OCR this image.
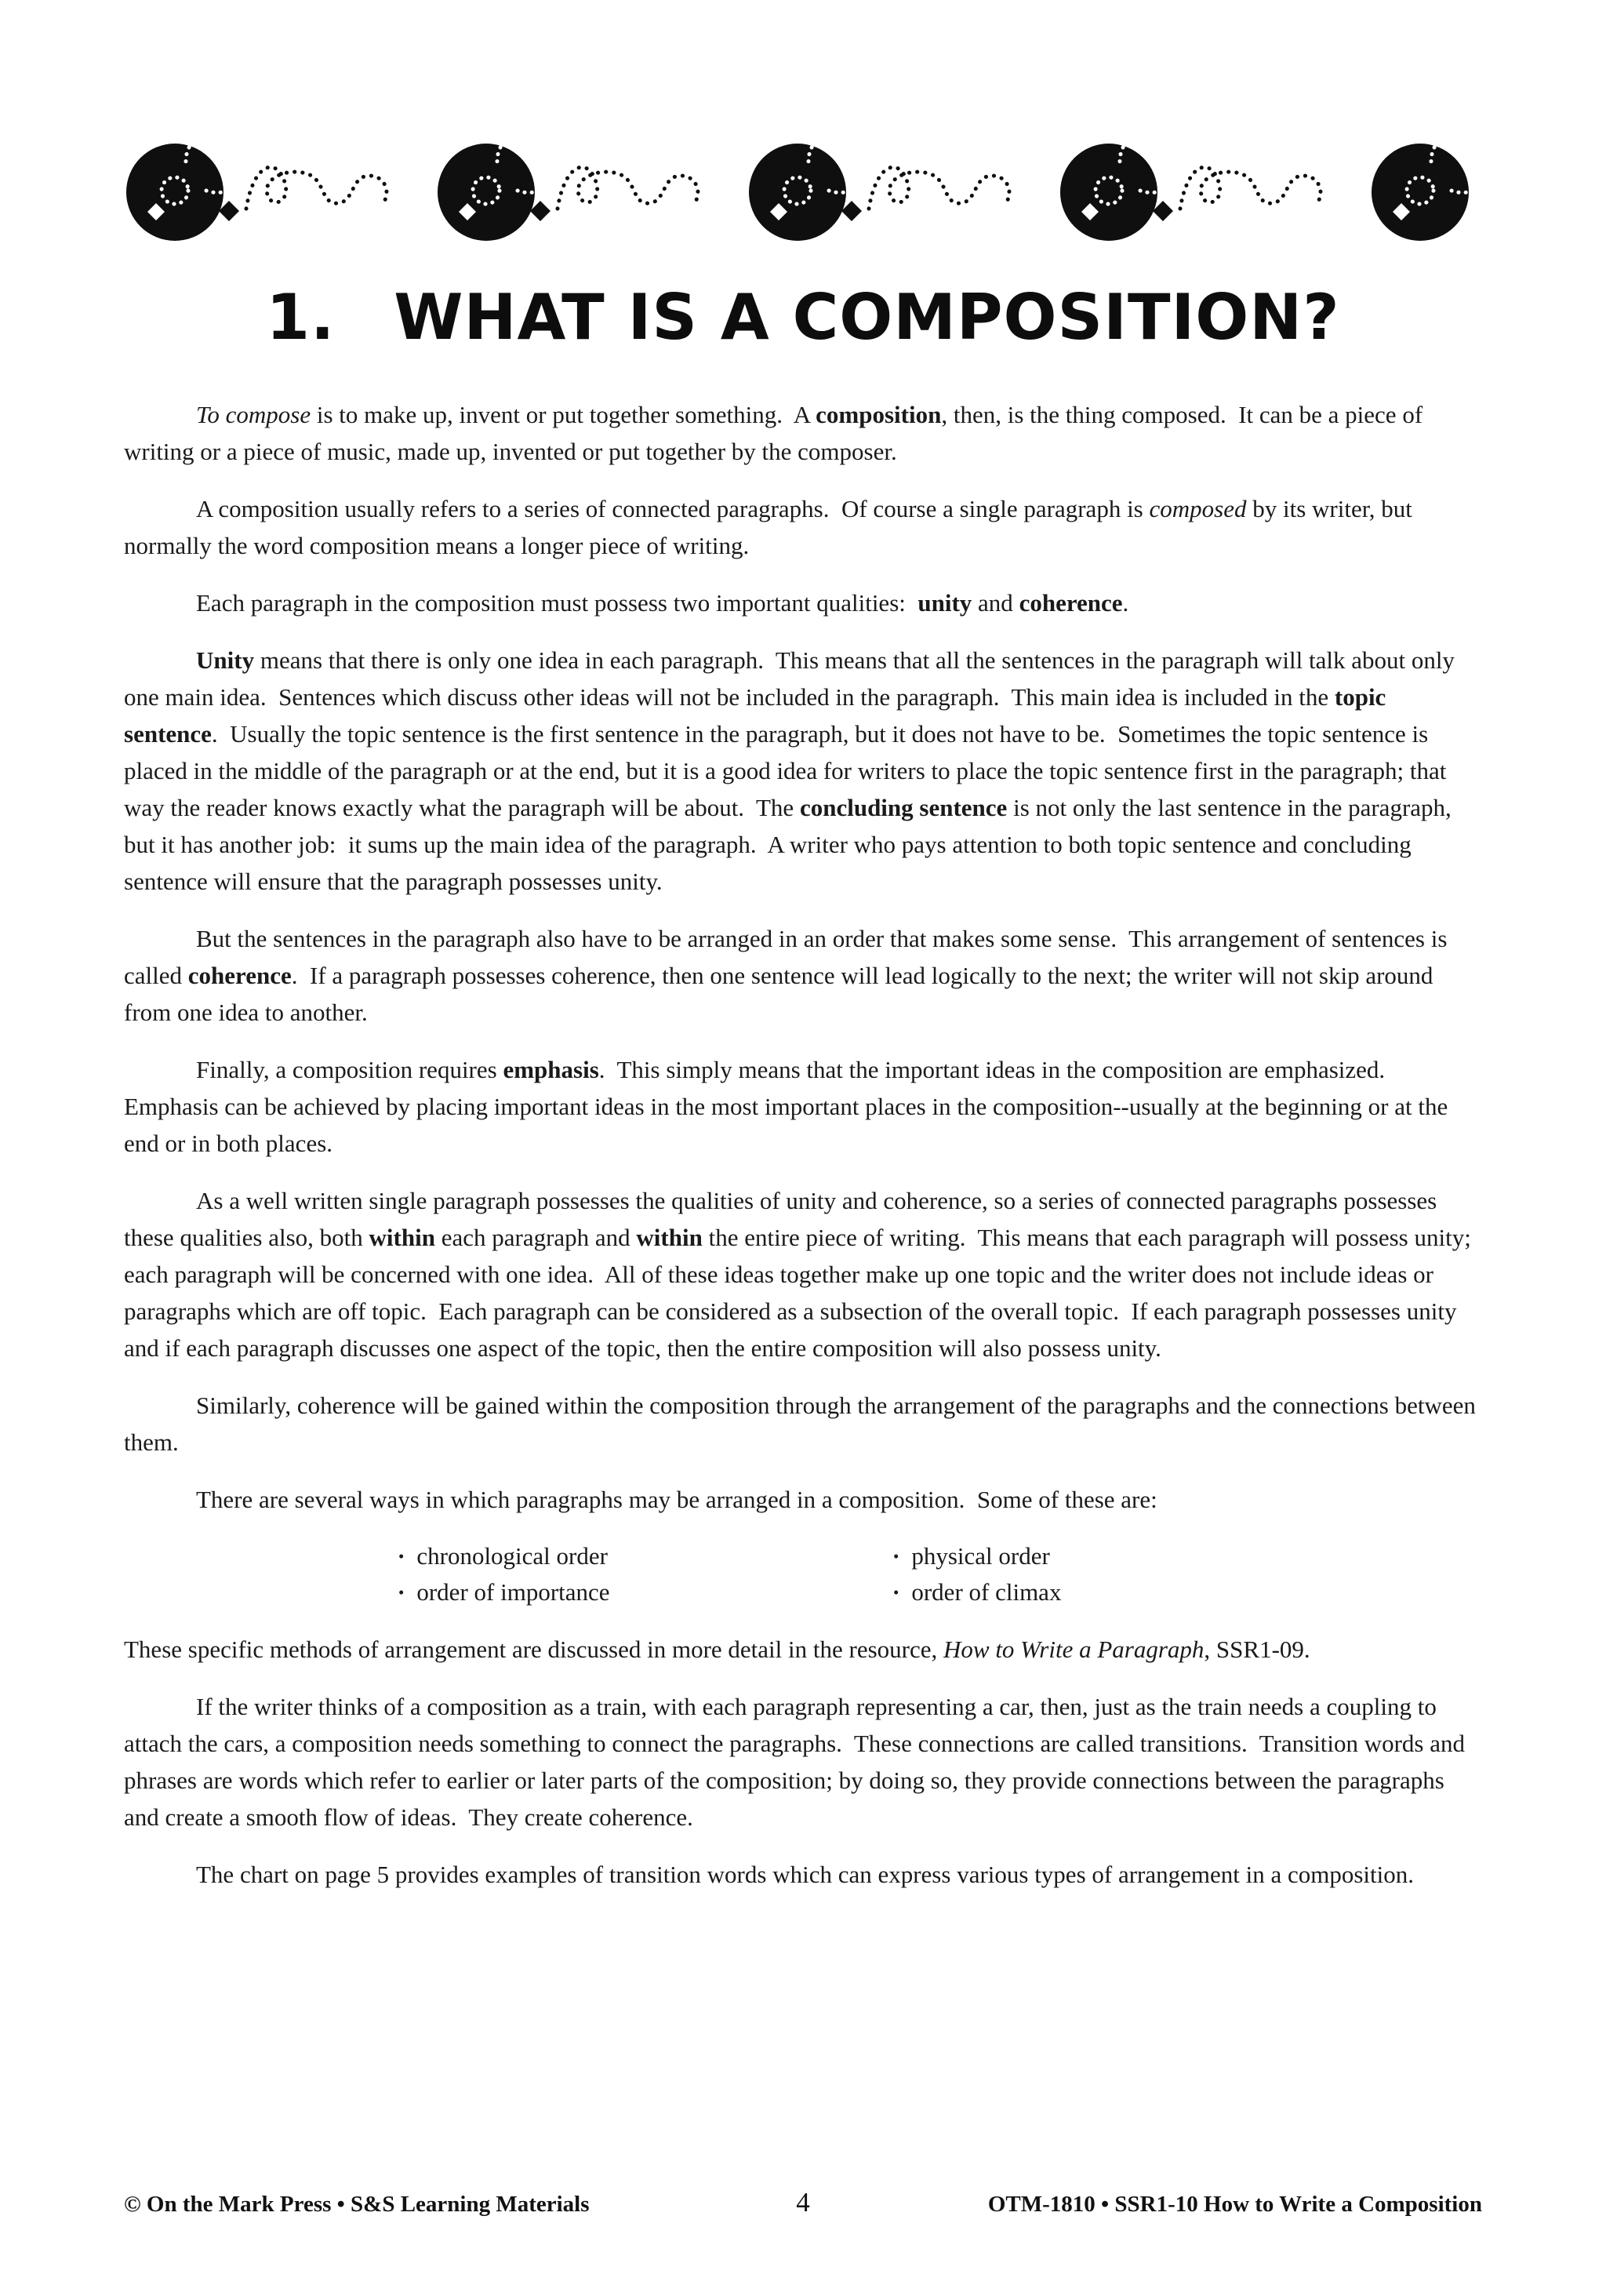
1. WHAT IS A COMPOSITION?

To compose is to make up, invent or put together something.  A composition, then, is the thing composed.  It can be a piece of writing or a piece of music, made up, invented or put together by the composer.

A composition usually refers to a series of connected paragraphs.  Of course a single paragraph is composed by its writer, but normally the word composition means a longer piece of writing.

Each paragraph in the composition must possess two important qualities:  unity and coherence.

Unity means that there is only one idea in each paragraph.  This means that all the sentences in the paragraph will talk about only one main idea.  Sentences which discuss other ideas will not be included in the paragraph.  This main idea is included in the topic sentence.  Usually the topic sentence is the first sentence in the paragraph, but it does not have to be.  Sometimes the topic sentence is placed in the middle of the paragraph or at the end, but it is a good idea for writers to place the topic sentence first in the paragraph; that way the reader knows exactly what the paragraph will be about.  The concluding sentence is not only the last sentence in the paragraph, but it has another job:  it sums up the main idea of the paragraph.  A writer who pays attention to both topic sentence and concluding sentence will ensure that the paragraph possesses unity.

But the sentences in the paragraph also have to be arranged in an order that makes some sense.  This arrangement of sentences is called coherence.  If a paragraph possesses coherence, then one sentence will lead logically to the next; the writer will not skip around from one idea to another.

Finally, a composition requires emphasis.  This simply means that the important ideas in the composition are emphasized.  Emphasis can be achieved by placing important ideas in the most important places in the composition--usually at the beginning or at the end or in both places.

As a well written single paragraph possesses the qualities of unity and coherence, so a series of connected paragraphs possesses these qualities also, both within each paragraph and within the entire piece of writing.  This means that each paragraph will possess unity; each paragraph will be concerned with one idea.  All of these ideas together make up one topic and the writer does not include ideas or paragraphs which are off topic.  Each paragraph can be considered as a subsection of the overall topic.  If each paragraph possesses unity and if each paragraph discusses one aspect of the topic, then the entire composition will also possess unity.

Similarly, coherence will be gained within the composition through the arrangement of the paragraphs and the connections between them.

There are several ways in which paragraphs may be arranged in a composition.  Some of these are:

• chronological order
• order of importance
• physical order
• order of climax

These specific methods of arrangement are discussed in more detail in the resource, How to Write a Paragraph, SSR1-09.

If the writer thinks of a composition as a train, with each paragraph representing a car, then, just as the train needs a coupling to attach the cars, a composition needs something to connect the paragraphs.  These connections are called transitions.  Transition words and phrases are words which refer to earlier or later parts of the composition; by doing so, they provide connections between the paragraphs and create a smooth flow of ideas.  They create coherence.

The chart on page 5 provides examples of transition words which can express various types of arrangement in a composition.

© On the Mark Press • S&S Learning Materials	4	OTM-1810 • SSR1-10 How to Write a Composition
